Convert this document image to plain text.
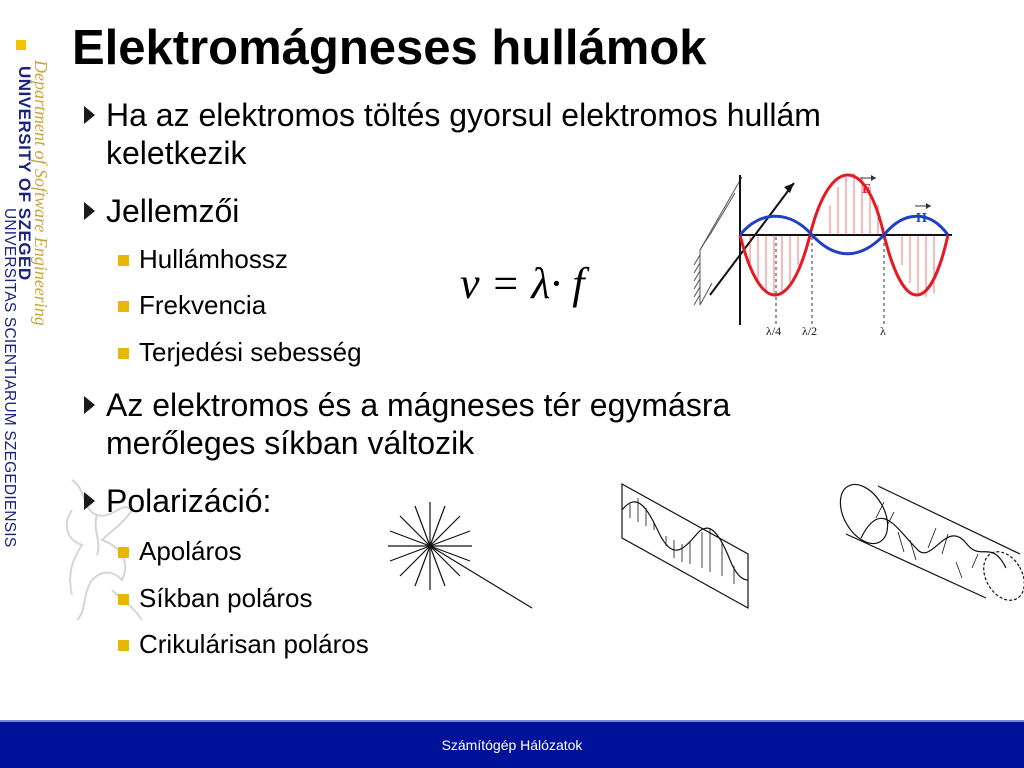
Department of Software Engineering
UNIVERSITY OF SZEGED
UNIVERSITAS SCIENTIARUM SZEGEDIENSIS
Elektromágneses hullámok
Ha az elektromos töltés gyorsul elektromos hullám
keletkezik
Jellemzői
Hullámhossz
Frekvencia
Terjedési sebesség
v = λ· f
Az elektromos és a mágneses tér egymásra
merőleges síkban változik
Polarizáció:
Apoláros
Síkban poláros
Crikulárisan poláros
E
H
λ/4 λ/2	λ
Számítógép Hálózatok
